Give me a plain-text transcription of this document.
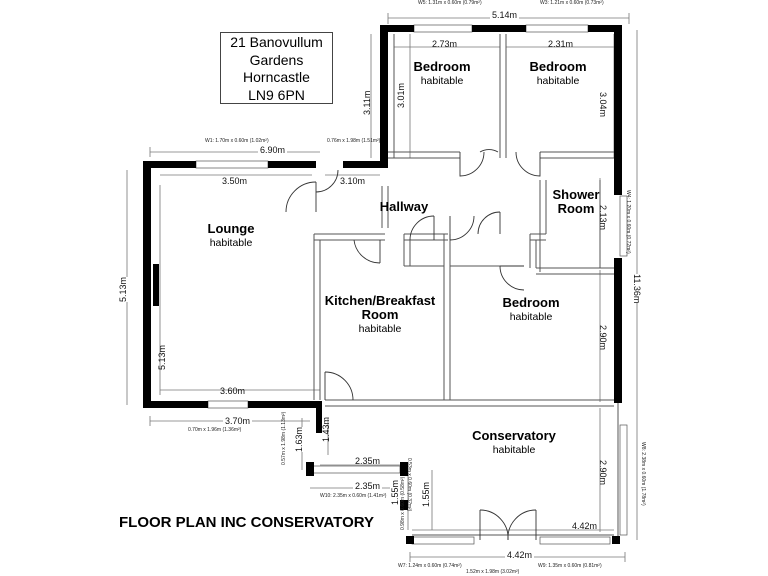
21 Banovullum
Gardens
Horncastle
LN9 6PN
Bedroom
habitable
Bedroom
habitable
Shower
Room
Hallway
Lounge
habitable
Kitchen/Breakfast
Room
habitable
Bedroom
habitable
Conservatory
habitable
5.14m
2.73m	2.31m
3.11m	3.01m	3.04m
6.90m
3.50m	3.10m
5.13m
5.13m
3.60m
3.70m
11.36m
2.13m
2.90m
1.63m 1.43m
2.90m
2.35m
2.35m 1.55m 1.55m
4.42m
4.42m
W5: 1.31m x 0.60m (0.79m²)	W3: 1.21m x 0.60m (0.73m²)
W1: 1.70m x 0.60m (1.02m²)	0.76m x 1.98m (1.51m²)
W4: 1.20m x 0.60m (0.72m²)
0.70m x 1.96m (1.36m²)	0.57m x 1.98m (1.13m²)
W8: 2.38m x 0.60m (1.78m²)
W10: 2.35m x 0.60m (1.41m²)	0.53m x 0.60m (0.32m²)
0.98m x 0.60m (0.58m²)
W7: 1.24m x 0.60m (0.74m²)	W9: 1.35m x 0.60m (0.81m²)
1.52m x 1.98m (3.02m²)
FLOOR PLAN INC CONSERVATORY
